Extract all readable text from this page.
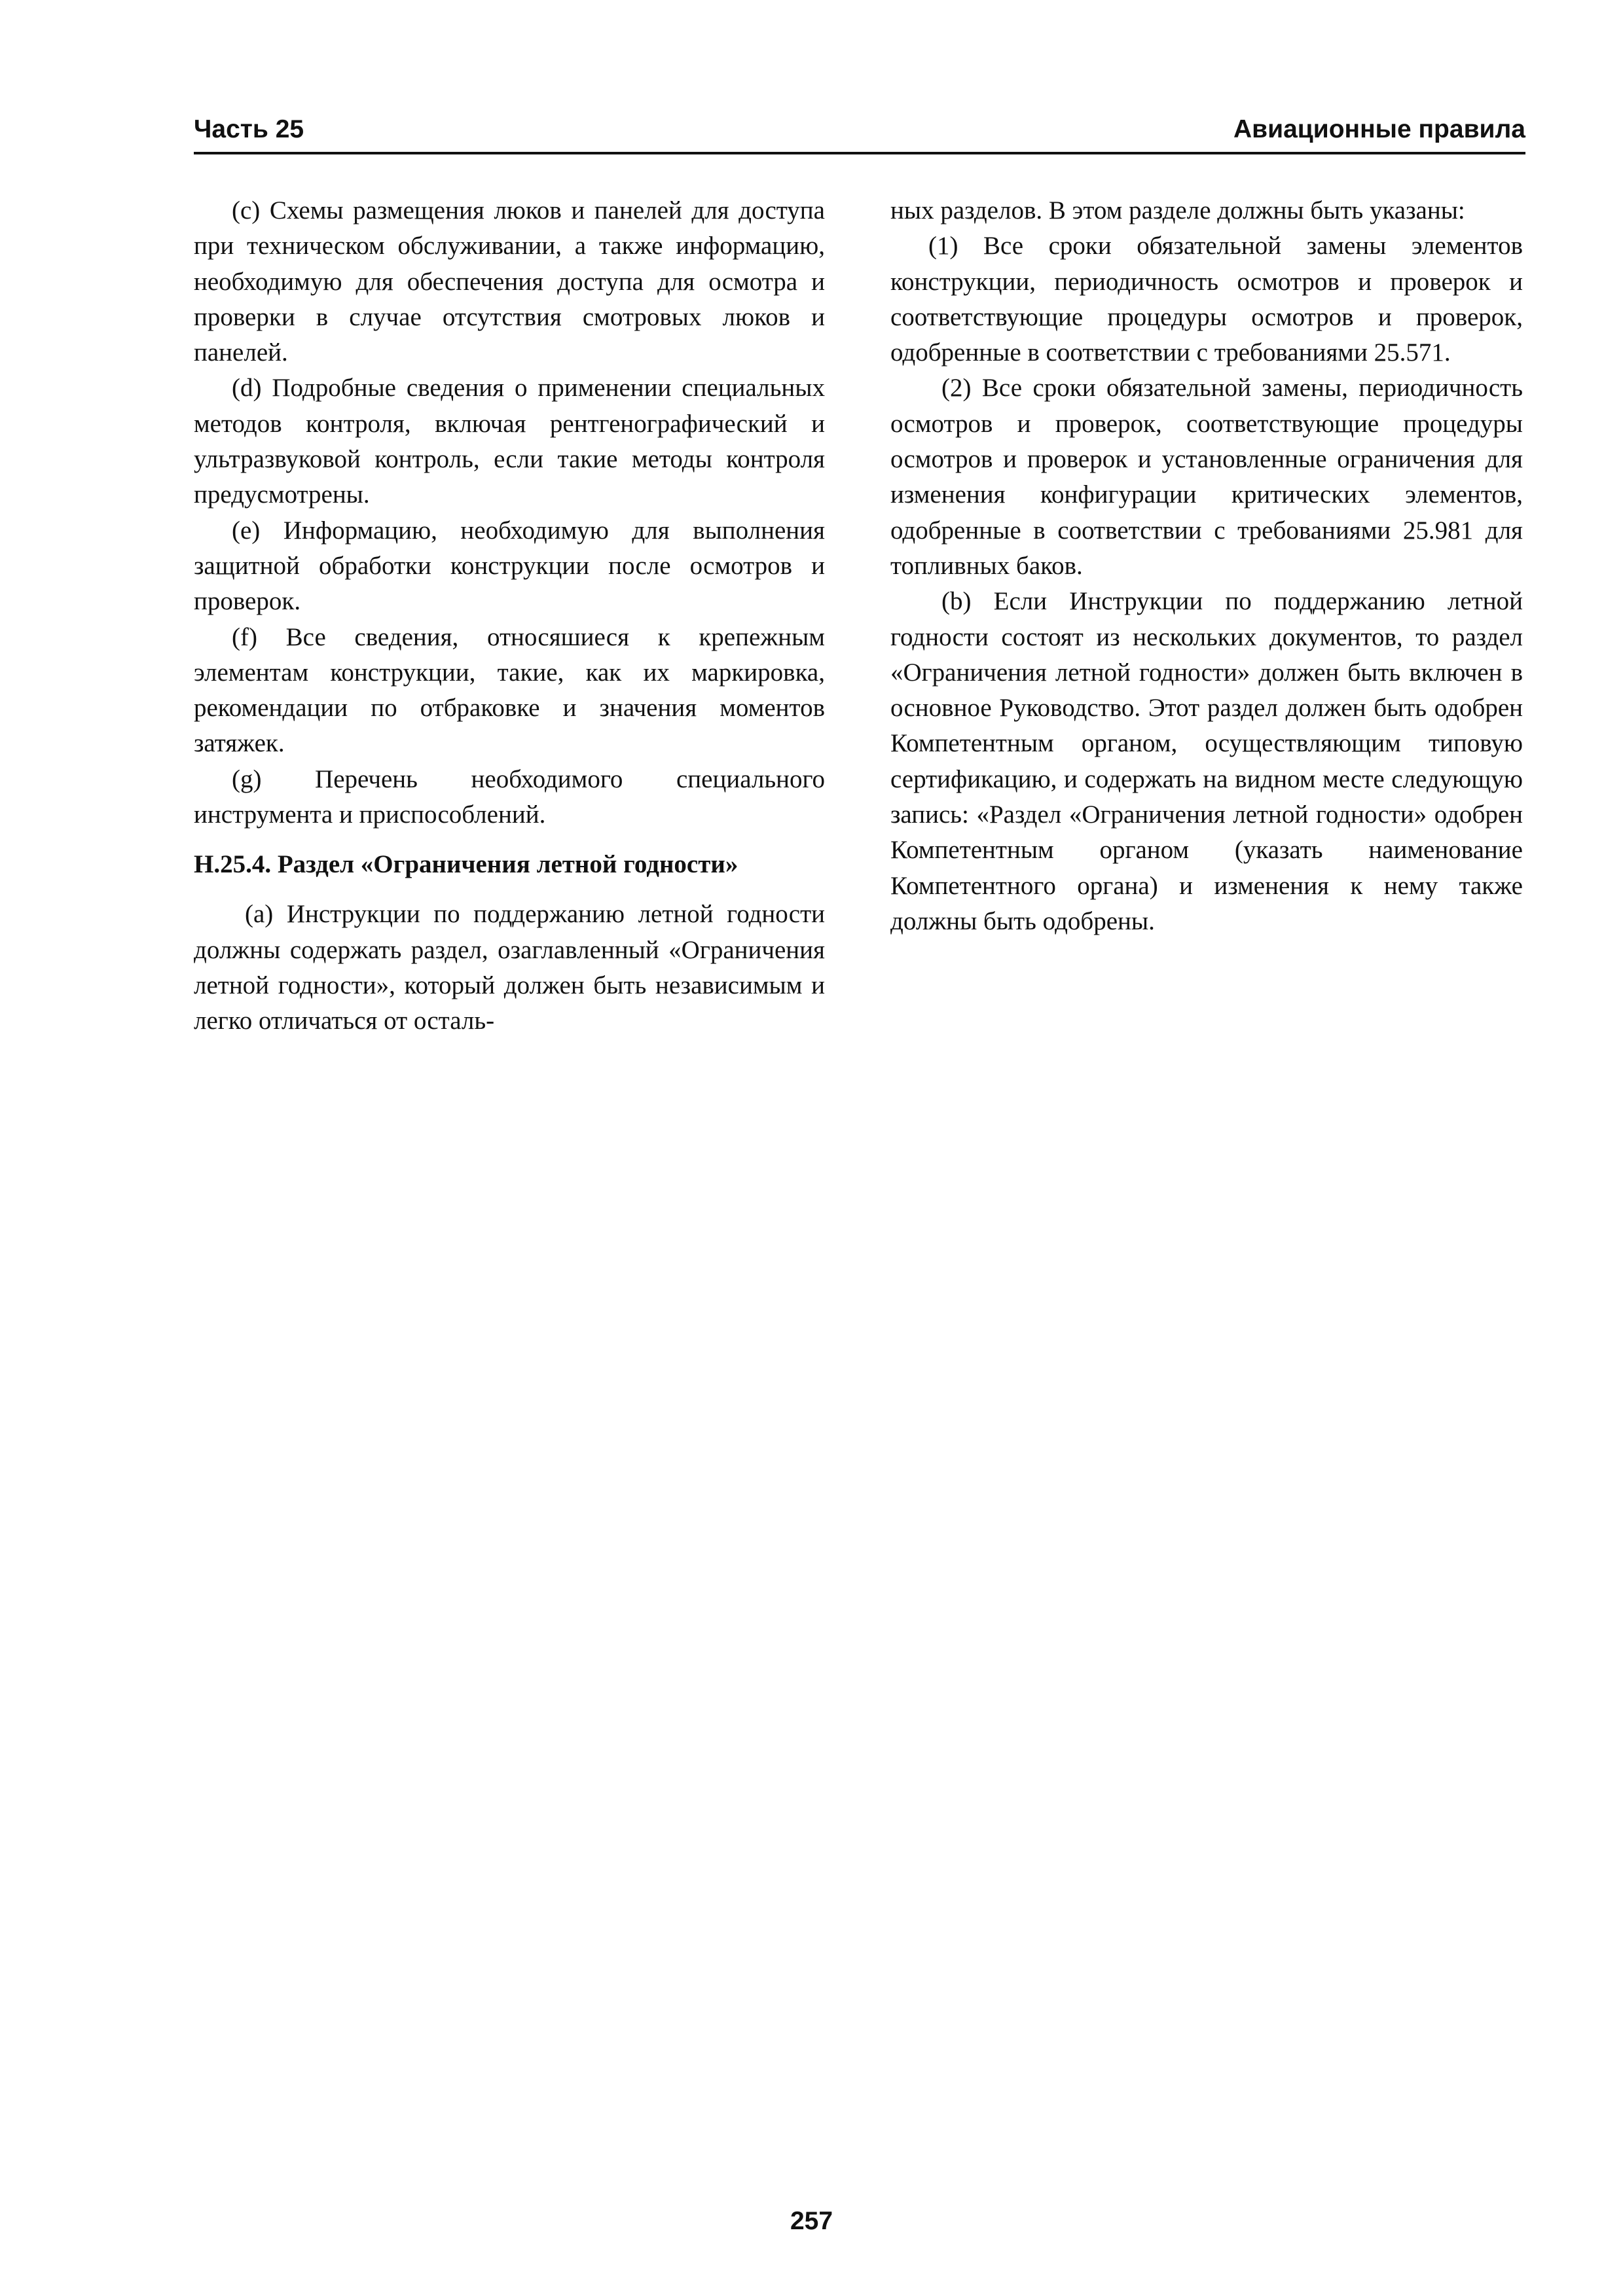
Часть 25	Авиационные правила

(c) Схемы размещения люков и панелей для доступа при техническом обслуживании, а также информацию, необходимую для обеспечения доступа для осмотра и проверки в случае отсутствия смотровых люков и панелей.

(d) Подробные сведения о применении специальных методов контроля, включая рентгенографический и ультразвуковой контроль, если такие методы контроля предусмотрены.

(e) Информацию, необходимую для выполнения защитной обработки конструкции после осмотров и проверок.

(f) Все сведения, относяшиеся к крепежным элементам конструкции, такие, как их маркировка, рекомендации по отбраковке и значения моментов затяжек.

(g) Перечень необходимого специального инструмента и приспособлений.

Н.25.4. Раздел «Ограничения летной годности»

(a) Инструкции по поддержанию летной годности должны содержать раздел, озаглавленный «Ограничения летной годности», который должен быть независимым и легко отличаться от осталь-

ных разделов. В этом разделе должны быть указаны:

(1) Все сроки обязательной замены элементов конструкции, периодичность осмотров и проверок и соответствующие процедуры осмотров и проверок, одобренные в соответствии с требованиями 25.571.

(2) Все сроки обязательной замены, периодичность осмотров и проверок, соответствующие процедуры осмотров и проверок и установленные ограничения для изменения конфигурации критических элементов, одобренные в соответствии с требованиями 25.981 для топливных баков.

(b) Если Инструкции по поддержанию летной годности состоят из нескольких документов, то раздел «Ограничения летной годности» должен быть включен в основное Руководство. Этот раздел должен быть одобрен Компетентным органом, осуществляющим типовую сертификацию, и содержать на видном месте следующую запись: «Раздел «Ограничения летной годности» одобрен Компетентным органом (указать наименование Компетентного органа) и изменения к нему также должны быть одобрены.

257
